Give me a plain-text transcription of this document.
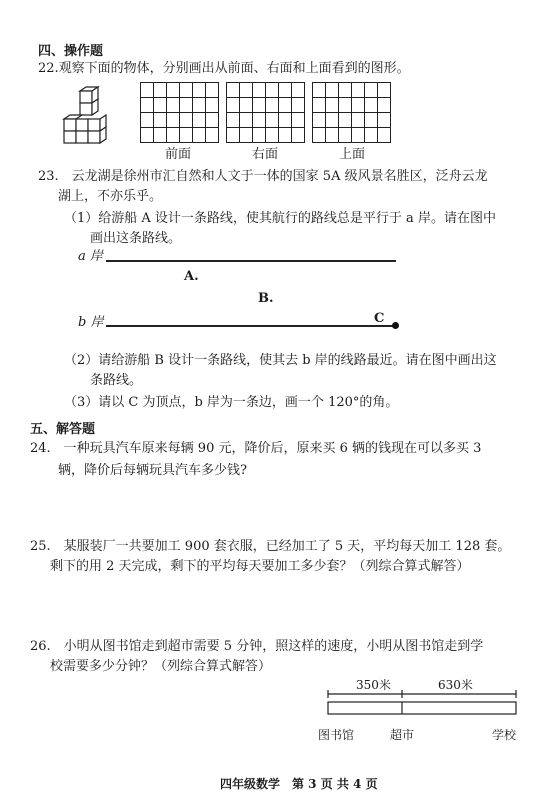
四、操作题
22.观察下面的物体，分别画出从前面、右面和上面看到的图形。
前面	右面	上面
23.　云龙湖是徐州市汇自然和人文于一体的国家 5A 级风景名胜区，泛舟云龙
湖上，不亦乐乎。
（1）给游船 A 设计一条路线，使其航行的路线总是平行于 a 岸。请在图中
画出这条路线。
a 岸
A.
B.
b 岸	C
（2）请给游船 B 设计一条路线，使其去 b 岸的线路最近。请在图中画出这
条路线。
（3）请以 C 为顶点，b 岸为一条边，画一个 120°的角。
五、解答题
24.　一种玩具汽车原来每辆 90 元，降价后，原来买 6 辆的钱现在可以多买 3
辆，降价后每辆玩具汽车多少钱?
25.　某服装厂一共要加工 900 套衣服，已经加工了 5 天，平均每天加工 128 套。
剩下的用 2 天完成，剩下的平均每天要加工多少套？（列综合算式解答）
26.　小明从图书馆走到超市需要 5 分钟，照这样的速度，小明从图书馆走到学
校需要多少分钟？（列综合算式解答）
350米	630米
图书馆	超市	学校
四年级数学　第 3 页 共 4 页
